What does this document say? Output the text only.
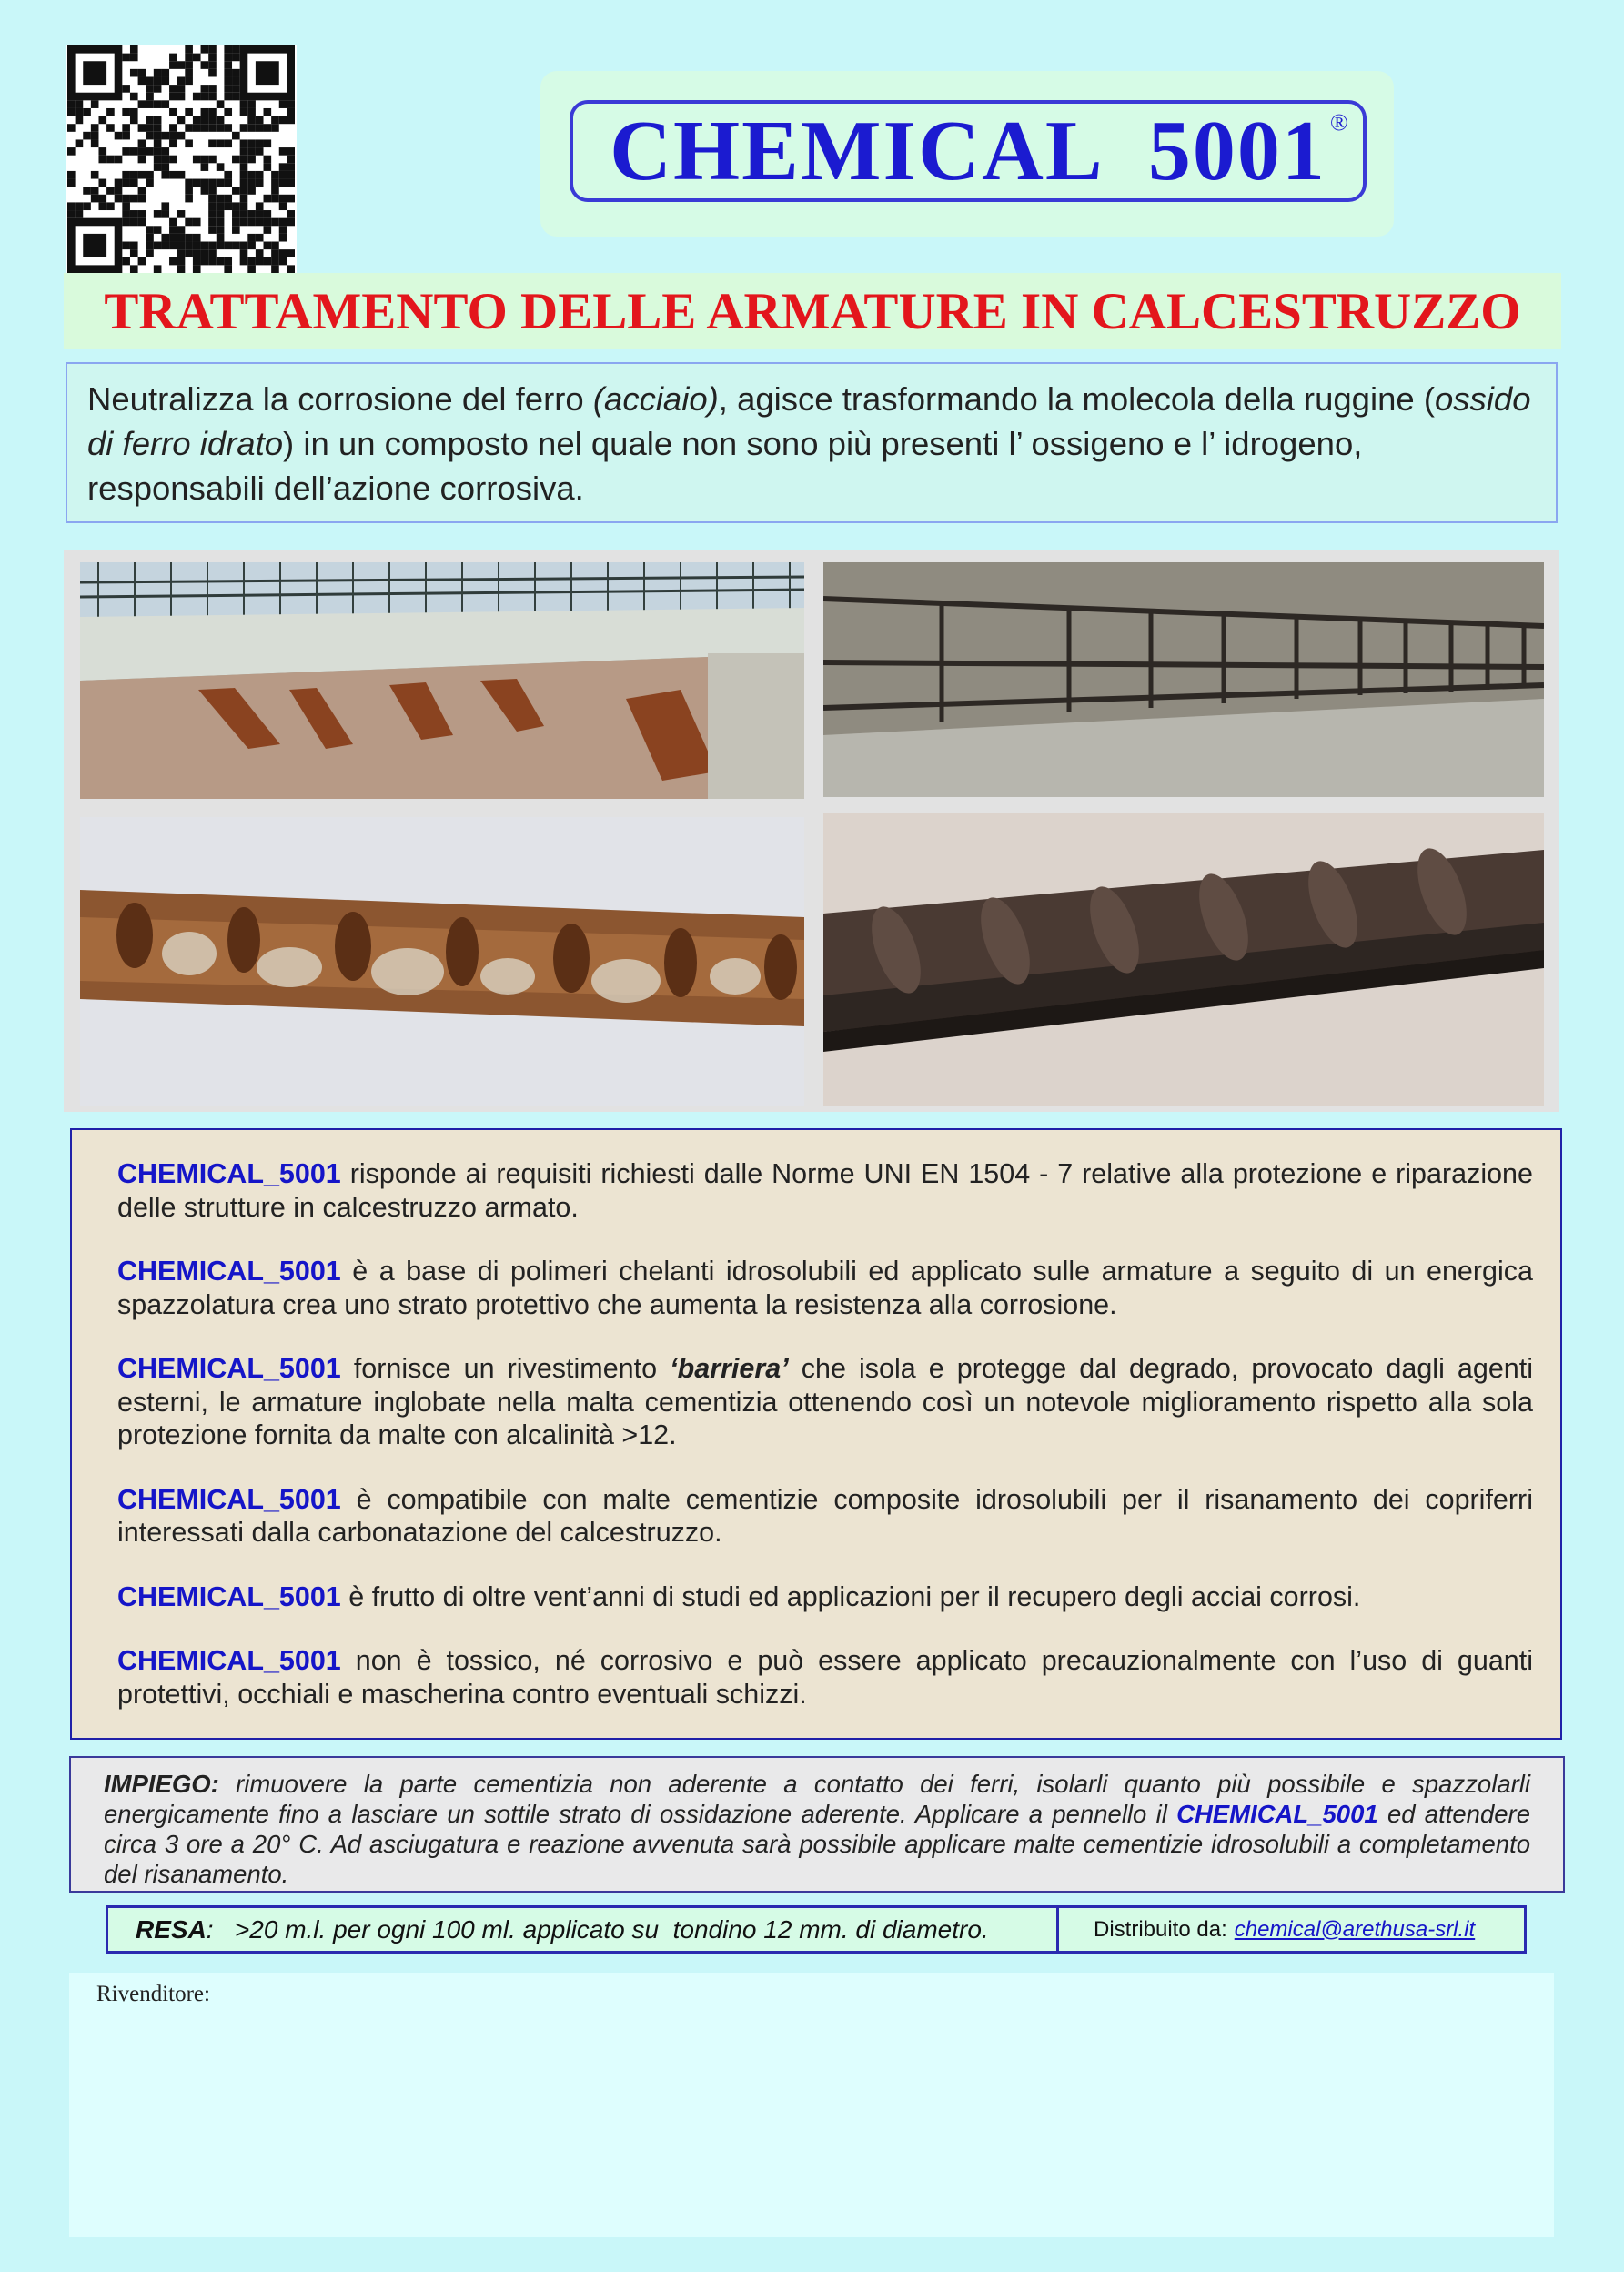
CHEMICAL 5001 ®
TRATTAMENTO DELLE ARMATURE IN CALCESTRUZZO
Neutralizza la corrosione del ferro (acciaio), agisce trasformando la molecola della ruggine (ossido di ferro idrato) in un composto nel quale non sono più presenti l’ ossigeno e l’ idrogeno, responsabili dell’azione corrosiva.

CHEMICAL_5001 risponde ai requisiti richiesti dalle Norme UNI EN 1504 - 7 relative alla protezione e riparazione delle strutture in calcestruzzo armato.

CHEMICAL_5001 è a base di polimeri chelanti idrosolubili ed applicato sulle armature a seguito di un energica spazzolatura crea uno strato protettivo che aumenta la resistenza alla corrosione.

CHEMICAL_5001 fornisce un rivestimento ‘barriera’ che isola e protegge dal degrado, provocato dagli agenti esterni, le armature inglobate nella malta cementizia ottenendo così un notevole miglioramento rispetto alla sola protezione fornita da malte con alcalinità >12.

CHEMICAL_5001 è compatibile con malte cementizie composite idrosolubili per il risanamento dei copriferri interessati dalla carbonatazione del calcestruzzo.

CHEMICAL_5001 è frutto di oltre vent’anni di studi ed applicazioni per il recupero degli acciai corrosi.

CHEMICAL_5001 non è tossico, né corrosivo e può essere applicato precauzionalmente con l’uso di guanti protettivi, occhiali e mascherina contro eventuali schizzi.

IMPIEGO: rimuovere la parte cementizia non aderente a contatto dei ferri, isolarli quanto più possibile e spazzolarli energicamente fino a lasciare un sottile strato di ossidazione aderente. Applicare a pennello il CHEMICAL_5001 ed attendere circa 3 ore a 20° C. Ad asciugatura e reazione avvenuta sarà possibile applicare malte cementizie idrosolubili a completamento del risanamento.
RESA : >20 m.l. per ogni 100 ml. applicato su  tondino 12 mm. di diametro.	Distribuito da: chemical@arethusa-srl.it
Rivenditore:
